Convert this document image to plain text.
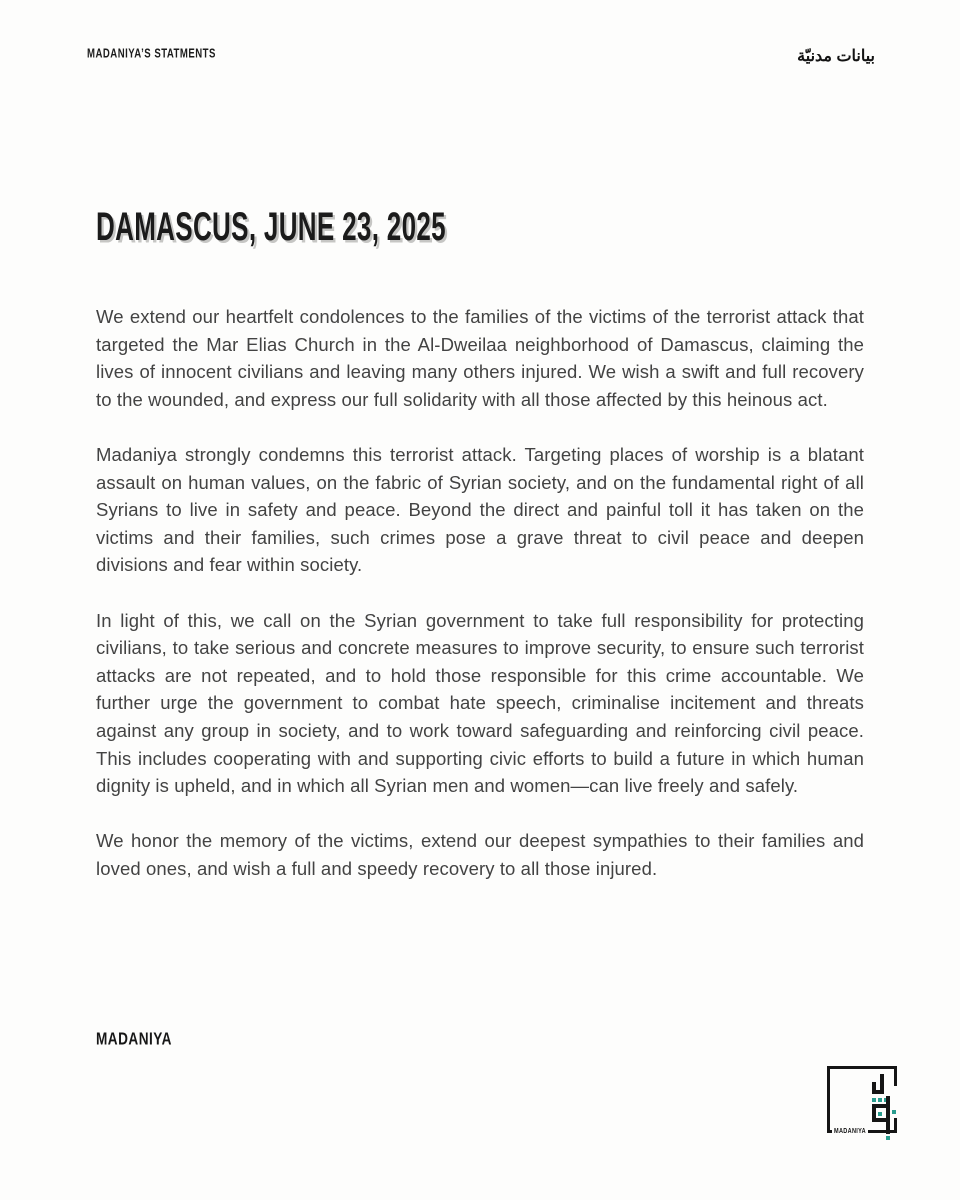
MADANIYA’S STATMENTS	بيانات مدنيّة
DAMASCUS, JUNE 23, 2025

We extend our heartfelt condolences to the families of the victims of the terrorist attack that targeted the Mar Elias Church in the Al-Dweilaa neighborhood of Damascus, claiming the lives of innocent civilians and leaving many others injured. We wish a swift and full recovery to the wounded, and express our full solidarity with all those affected by this heinous act.

Madaniya strongly condemns this terrorist attack. Targeting places of worship is a blatant assault on human values, on the fabric of Syrian society, and on the fundamental right of all Syrians to live in safety and peace. Beyond the direct and painful toll it has taken on the victims and their families, such crimes pose a grave threat to civil peace and deepen divisions and fear within society.

In light of this, we call on the Syrian government to take full responsibility for protecting civilians, to take serious and concrete measures to improve security, to ensure such terrorist attacks are not repeated, and to hold those responsible for this crime accountable. We further urge the government to combat hate speech, criminalise incitement and threats against any group in society, and to work toward safeguarding and reinforcing civil peace. This includes cooperating with and supporting civic efforts to build a future in which human dignity is upheld, and in which all Syrian men and women—can live freely and safely.

We honor the memory of the victims, extend our deepest sympathies to their families and loved ones, and wish a full and speedy recovery to all those injured.

MADANIYA
MADANIYA
